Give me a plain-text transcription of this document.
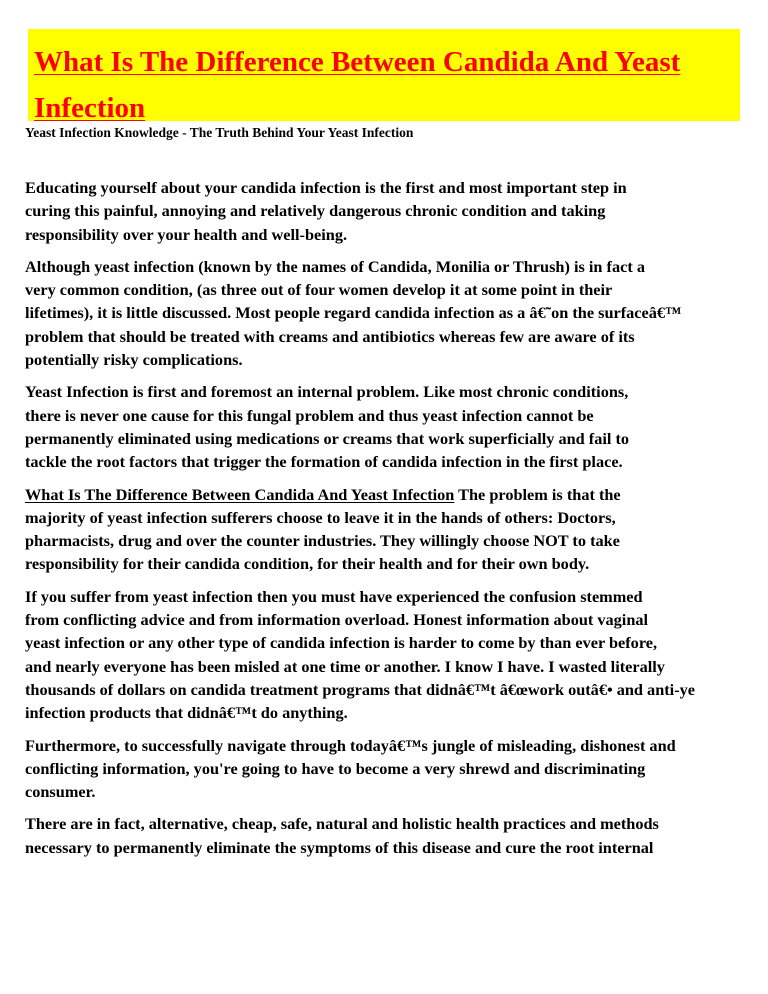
What Is The Difference Between Candida And Yeast
Infection

Yeast Infection Knowledge - The Truth Behind Your Yeast Infection

Educating yourself about your candida infection is the first and most important step in
curing this painful, annoying and relatively dangerous chronic condition and taking
responsibility over your health and well-being.

Although yeast infection (known by the names of Candida, Monilia or Thrush) is in fact a
very common condition, (as three out of four women develop it at some point in their
lifetimes), it is little discussed. Most people regard candida infection as a â€˜on the surfaceâ€™
problem that should be treated with creams and antibiotics whereas few are aware of its
potentially risky complications.

Yeast Infection is first and foremost an internal problem. Like most chronic conditions,
there is never one cause for this fungal problem and thus yeast infection cannot be
permanently eliminated using medications or creams that work superficially and fail to
tackle the root factors that trigger the formation of candida infection in the first place.

What Is The Difference Between Candida And Yeast Infection The problem is that the
majority of yeast infection sufferers choose to leave it in the hands of others: Doctors,
pharmacists, drug and over the counter industries. They willingly choose NOT to take
responsibility for their candida condition, for their health and for their own body.

If you suffer from yeast infection then you must have experienced the confusion stemmed
from conflicting advice and from information overload. Honest information about vaginal
yeast infection or any other type of candida infection is harder to come by than ever before,
and nearly everyone has been misled at one time or another. I know I have. I wasted literally
thousands of dollars on candida treatment programs that didnâ€™t â€œwork outâ€• and anti-ye
infection products that didnâ€™t do anything.

Furthermore, to successfully navigate through todayâ€™s jungle of misleading, dishonest and
conflicting information, you're going to have to become a very shrewd and discriminating
consumer.

There are in fact, alternative, cheap, safe, natural and holistic health practices and methods
necessary to permanently eliminate the symptoms of this disease and cure the root internal
